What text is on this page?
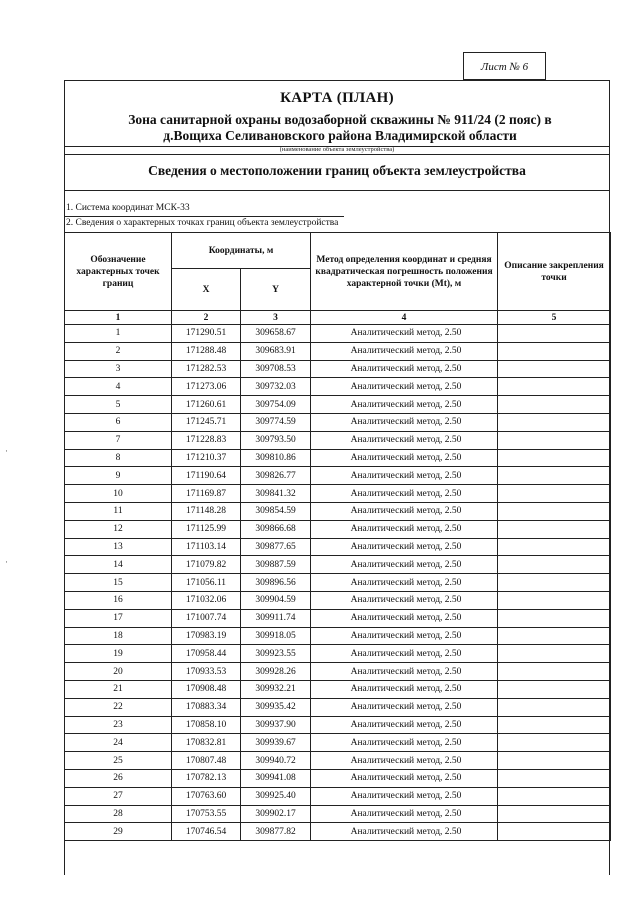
Лист № 6
КАРТА (ПЛАН)
Зона санитарной охраны водозаборной скважины № 911/24 (2 пояс) в
д.Вощиха Селивановского района Владимирской области
(наименование объекта землеустройства)
Сведения о местоположении границ объекта землеустройства
1. Система координат МСК-33
2. Сведения о характерных точках границ объекта землеустройства
Обозначение характерных точек границ	Координаты, м		Метод определения координат и средняя квадратическая погрешность положения характерной точки (Mt), м	Описание закрепления точки
	X	Y		
1	2	3	4	5
1	171290.51	309658.67	Аналитический метод, 2.50	
2	171288.48	309683.91	Аналитический метод, 2.50	
3	171282.53	309708.53	Аналитический метод, 2.50	
4	171273.06	309732.03	Аналитический метод, 2.50	
5	171260.61	309754.09	Аналитический метод, 2.50	
6	171245.71	309774.59	Аналитический метод, 2.50	
7	171228.83	309793.50	Аналитический метод, 2.50	
8	171210.37	309810.86	Аналитический метод, 2.50	
9	171190.64	309826.77	Аналитический метод, 2.50	
10	171169.87	309841.32	Аналитический метод, 2.50	
11	171148.28	309854.59	Аналитический метод, 2.50	
12	171125.99	309866.68	Аналитический метод, 2.50	
13	171103.14	309877.65	Аналитический метод, 2.50	
14	171079.82	309887.59	Аналитический метод, 2.50	
15	171056.11	309896.56	Аналитический метод, 2.50	
16	171032.06	309904.59	Аналитический метод, 2.50	
17	171007.74	309911.74	Аналитический метод, 2.50	
18	170983.19	309918.05	Аналитический метод, 2.50	
19	170958.44	309923.55	Аналитический метод, 2.50	
20	170933.53	309928.26	Аналитический метод, 2.50	
21	170908.48	309932.21	Аналитический метод, 2.50	
22	170883.34	309935.42	Аналитический метод, 2.50	
23	170858.10	309937.90	Аналитический метод, 2.50	
24	170832.81	309939.67	Аналитический метод, 2.50	
25	170807.48	309940.72	Аналитический метод, 2.50	
26	170782.13	309941.08	Аналитический метод, 2.50	
27	170763.60	309925.40	Аналитический метод, 2.50	
28	170753.55	309902.17	Аналитический метод, 2.50	
29	170746.54	309877.82	Аналитический метод, 2.50	
·
·
